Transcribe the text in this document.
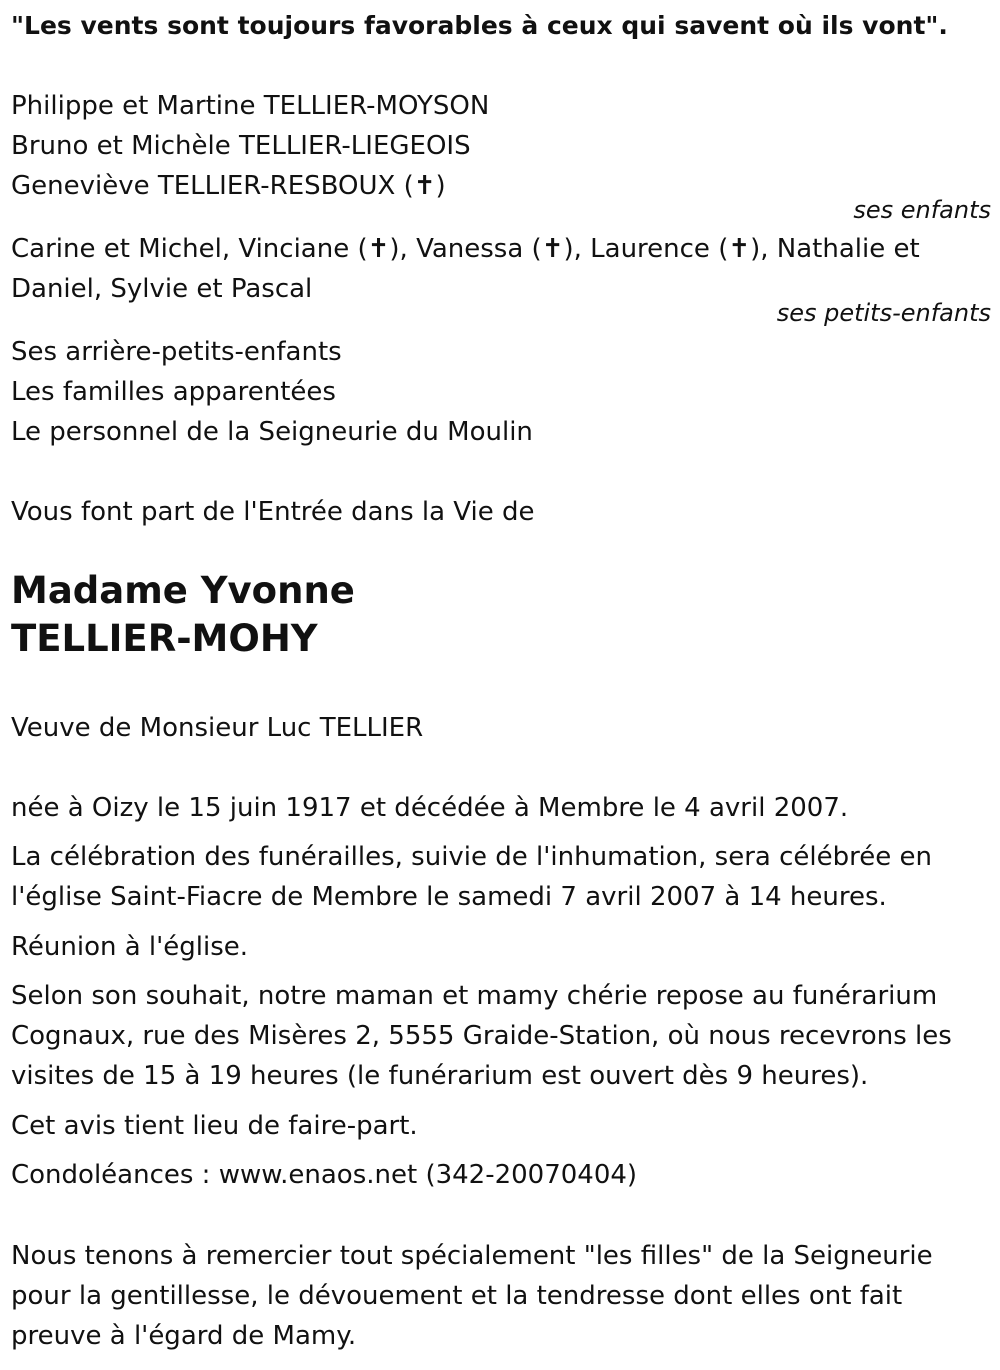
"Les vents sont toujours favorables à ceux qui savent où ils vont".
Philippe et Martine TELLIER-MOYSON
Bruno et Michèle TELLIER-LIEGEOIS
Geneviève TELLIER-RESBOUX (✝)
ses enfants
Carine et Michel, Vinciane (✝), Vanessa (✝), Laurence (✝), Nathalie et
Daniel, Sylvie et Pascal
ses petits-enfants
Ses arrière-petits-enfants
Les familles apparentées
Le personnel de la Seigneurie du Moulin
Vous font part de l'Entrée dans la Vie de
Madame Yvonne
TELLIER-MOHY
Veuve de Monsieur Luc TELLIER
née à Oizy le 15 juin 1917 et décédée à Membre le 4 avril 2007.
La célébration des funérailles, suivie de l'inhumation, sera célébrée en
l'église Saint-Fiacre de Membre le samedi 7 avril 2007 à 14 heures.
Réunion à l'église.
Selon son souhait, notre maman et mamy chérie repose au funérarium
Cognaux, rue des Misères 2, 5555 Graide-Station, où nous recevrons les
visites de 15 à 19 heures (le funérarium est ouvert dès 9 heures).
Cet avis tient lieu de faire-part.
Condoléances : www.enaos.net (342-20070404)
Nous tenons à remercier tout spécialement "les filles" de la Seigneurie
pour la gentillesse, le dévouement et la tendresse dont elles ont fait
preuve à l'égard de Mamy.
